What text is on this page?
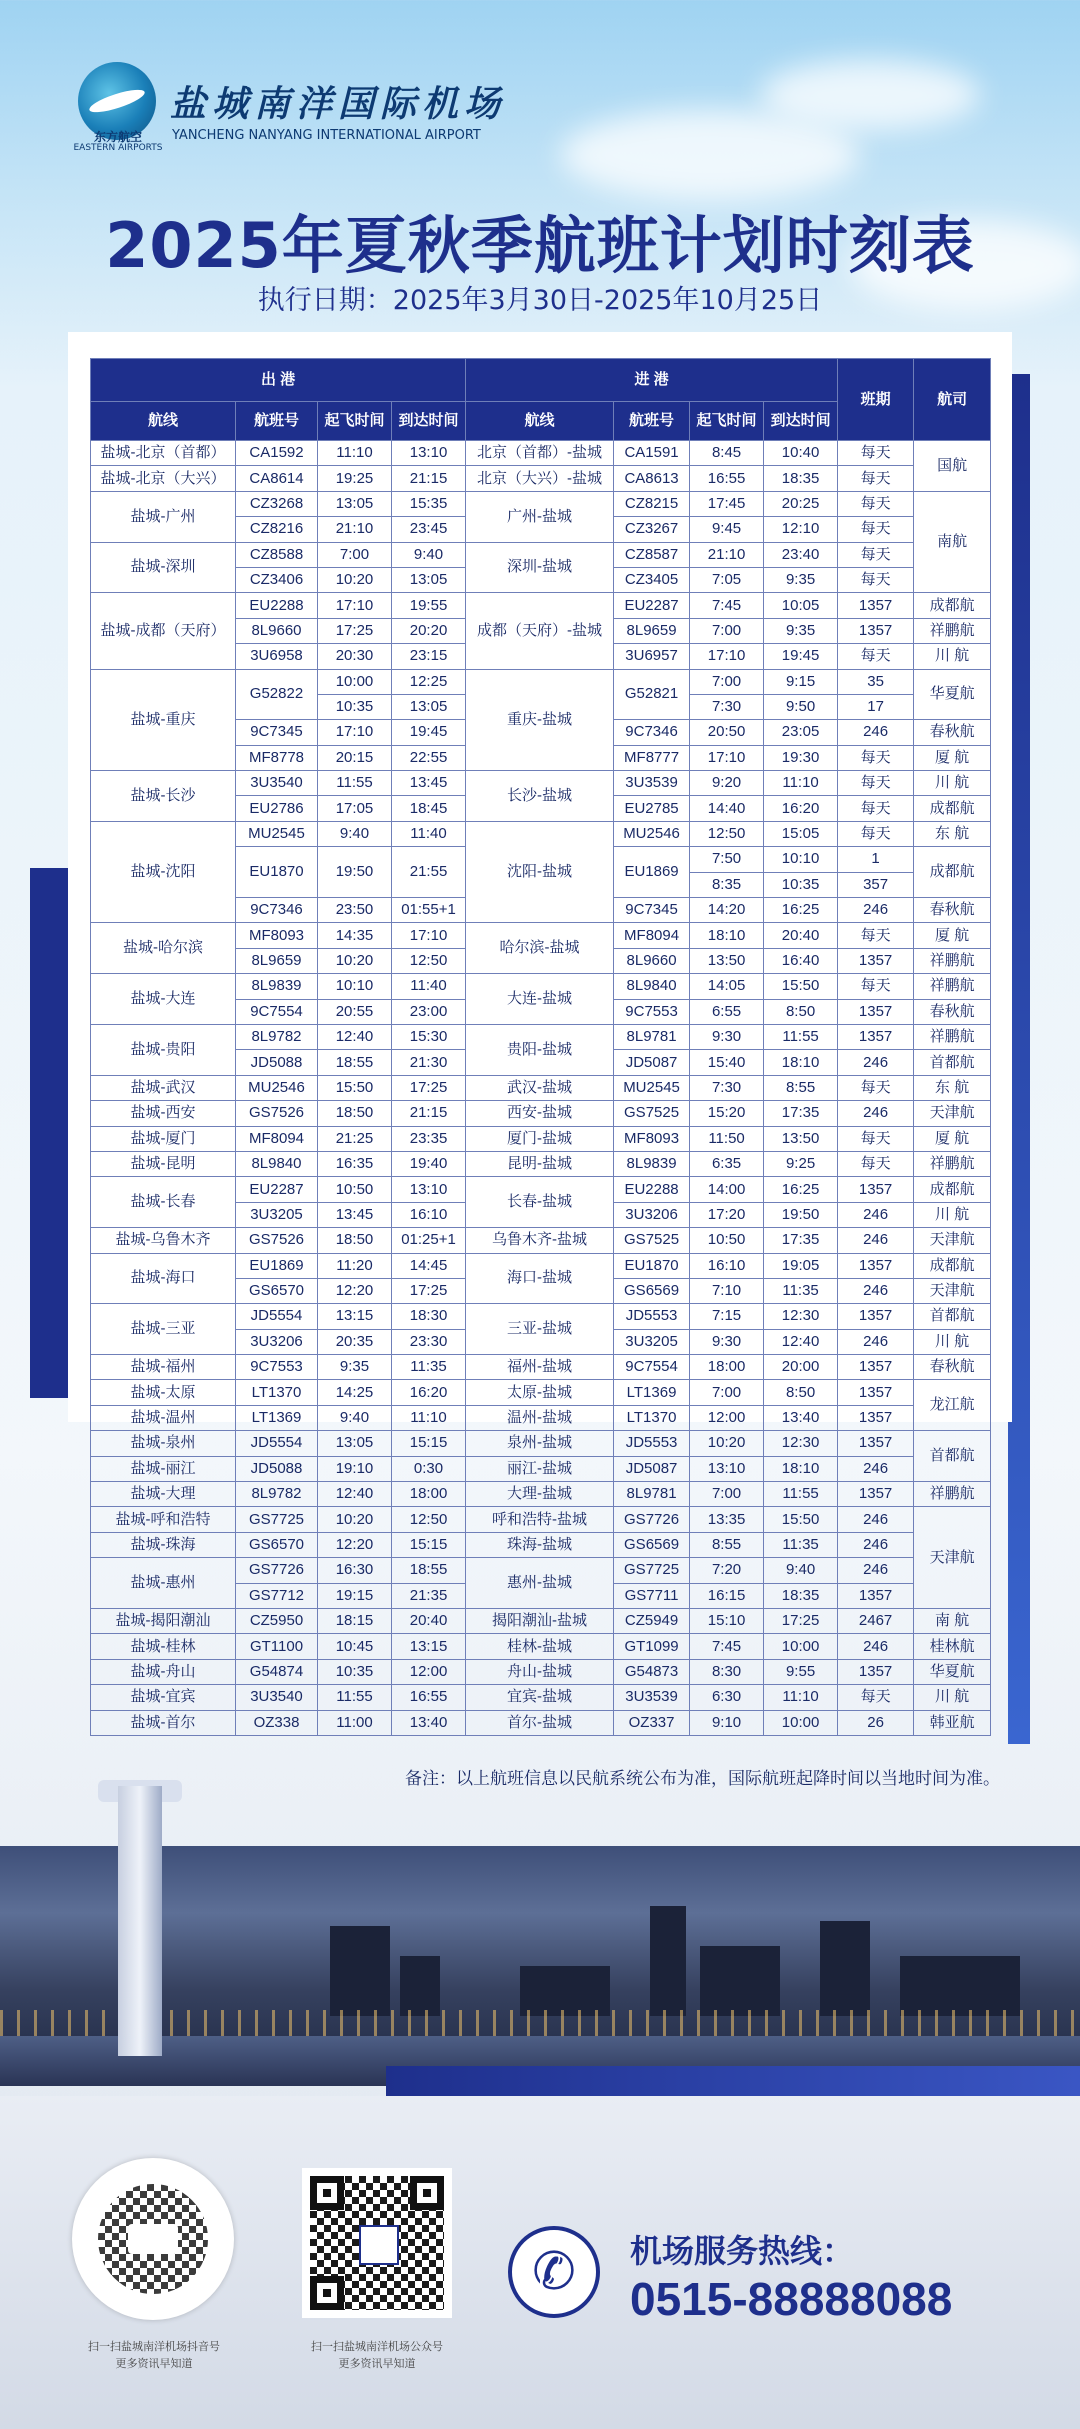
东方航空
EASTERN AIRPORTS
盐城南洋国际机场
YANCHENG NANYANG INTERNATIONAL AIRPORT
2025年夏秋季航班计划时刻表
执行日期：2025年3月30日-2025年10月25日
出 港				进 港				班期	航司
航线	航班号	起飞时间	到达时间	航线	航班号	起飞时间	到达时间		
盐城-北京（首都）	CA1592	11:10	13:10	北京（首都）-盐城	CA1591	8:45	10:40	每天	国航
盐城-北京（大兴）	CA8614	19:25	21:15	北京（大兴）-盐城	CA8613	16:55	18:35	每天	
盐城-广州	CZ3268	13:05	15:35	广州-盐城	CZ8215	17:45	20:25	每天	南航
	CZ8216	21:10	23:45		CZ3267	9:45	12:10	每天	
盐城-深圳	CZ8588	7:00	9:40	深圳-盐城	CZ8587	21:10	23:40	每天	
	CZ3406	10:20	13:05		CZ3405	7:05	9:35	每天	
盐城-成都（天府）	EU2288	17:10	19:55	成都（天府）-盐城	EU2287	7:45	10:05	1357	成都航
	8L9660	17:25	20:20		8L9659	7:00	9:35	1357	祥鹏航
	3U6958	20:30	23:15		3U6957	17:10	19:45	每天	川 航
盐城-重庆	G52822	10:00	12:25	重庆-盐城	G52821	7:00	9:15	35	华夏航
		10:35	13:05			7:30	9:50	17	
	9C7345	17:10	19:45		9C7346	20:50	23:05	246	春秋航
	MF8778	20:15	22:55		MF8777	17:10	19:30	每天	厦 航
盐城-长沙	3U3540	11:55	13:45	长沙-盐城	3U3539	9:20	11:10	每天	川 航
	EU2786	17:05	18:45		EU2785	14:40	16:20	每天	成都航
盐城-沈阳	MU2545	9:40	11:40	沈阳-盐城	MU2546	12:50	15:05	每天	东 航
	EU1870	19:50	21:55		EU1869	7:50	10:10	1	成都航
						8:35	10:35	357	
	9C7346	23:50	01:55+1		9C7345	14:20	16:25	246	春秋航
盐城-哈尔滨	MF8093	14:35	17:10	哈尔滨-盐城	MF8094	18:10	20:40	每天	厦 航
	8L9659	10:20	12:50		8L9660	13:50	16:40	1357	祥鹏航
盐城-大连	8L9839	10:10	11:40	大连-盐城	8L9840	14:05	15:50	每天	祥鹏航
	9C7554	20:55	23:00		9C7553	6:55	8:50	1357	春秋航
盐城-贵阳	8L9782	12:40	15:30	贵阳-盐城	8L9781	9:30	11:55	1357	祥鹏航
	JD5088	18:55	21:30		JD5087	15:40	18:10	246	首都航
盐城-武汉	MU2546	15:50	17:25	武汉-盐城	MU2545	7:30	8:55	每天	东 航
盐城-西安	GS7526	18:50	21:15	西安-盐城	GS7525	15:20	17:35	246	天津航
盐城-厦门	MF8094	21:25	23:35	厦门-盐城	MF8093	11:50	13:50	每天	厦 航
盐城-昆明	8L9840	16:35	19:40	昆明-盐城	8L9839	6:35	9:25	每天	祥鹏航
盐城-长春	EU2287	10:50	13:10	长春-盐城	EU2288	14:00	16:25	1357	成都航
	3U3205	13:45	16:10		3U3206	17:20	19:50	246	川 航
盐城-乌鲁木齐	GS7526	18:50	01:25+1	乌鲁木齐-盐城	GS7525	10:50	17:35	246	天津航
盐城-海口	EU1869	11:20	14:45	海口-盐城	EU1870	16:10	19:05	1357	成都航
	GS6570	12:20	17:25		GS6569	7:10	11:35	246	天津航
盐城-三亚	JD5554	13:15	18:30	三亚-盐城	JD5553	7:15	12:30	1357	首都航
	3U3206	20:35	23:30		3U3205	9:30	12:40	246	川 航
盐城-福州	9C7553	9:35	11:35	福州-盐城	9C7554	18:00	20:00	1357	春秋航
盐城-太原	LT1370	14:25	16:20	太原-盐城	LT1369	7:00	8:50	1357	龙江航
盐城-温州	LT1369	9:40	11:10	温州-盐城	LT1370	12:00	13:40	1357	
盐城-泉州	JD5554	13:05	15:15	泉州-盐城	JD5553	10:20	12:30	1357	首都航
盐城-丽江	JD5088	19:10	0:30	丽江-盐城	JD5087	13:10	18:10	246	
盐城-大理	8L9782	12:40	18:00	大理-盐城	8L9781	7:00	11:55	1357	祥鹏航
盐城-呼和浩特	GS7725	10:20	12:50	呼和浩特-盐城	GS7726	13:35	15:50	246	天津航
盐城-珠海	GS6570	12:20	15:15	珠海-盐城	GS6569	8:55	11:35	246	
盐城-惠州	GS7726	16:30	18:55	惠州-盐城	GS7725	7:20	9:40	246	
	GS7712	19:15	21:35		GS7711	16:15	18:35	1357	
盐城-揭阳潮汕	CZ5950	18:15	20:40	揭阳潮汕-盐城	CZ5949	15:10	17:25	2467	南 航
盐城-桂林	GT1100	10:45	13:15	桂林-盐城	GT1099	7:45	10:00	246	桂林航
盐城-舟山	G54874	10:35	12:00	舟山-盐城	G54873	8:30	9:55	1357	华夏航
盐城-宜宾	3U3540	11:55	16:55	宜宾-盐城	3U3539	6:30	11:10	每天	川 航
盐城-首尔	OZ338	11:00	13:40	首尔-盐城	OZ337	9:10	10:00	26	韩亚航
备注：以上航班信息以民航系统公布为准，国际航班起降时间以当地时间为准。
扫一扫盐城南洋机场抖音号
更多资讯早知道
扫一扫盐城南洋机场公众号
更多资讯早知道
✆	机场服务热线：
0515-88888088
